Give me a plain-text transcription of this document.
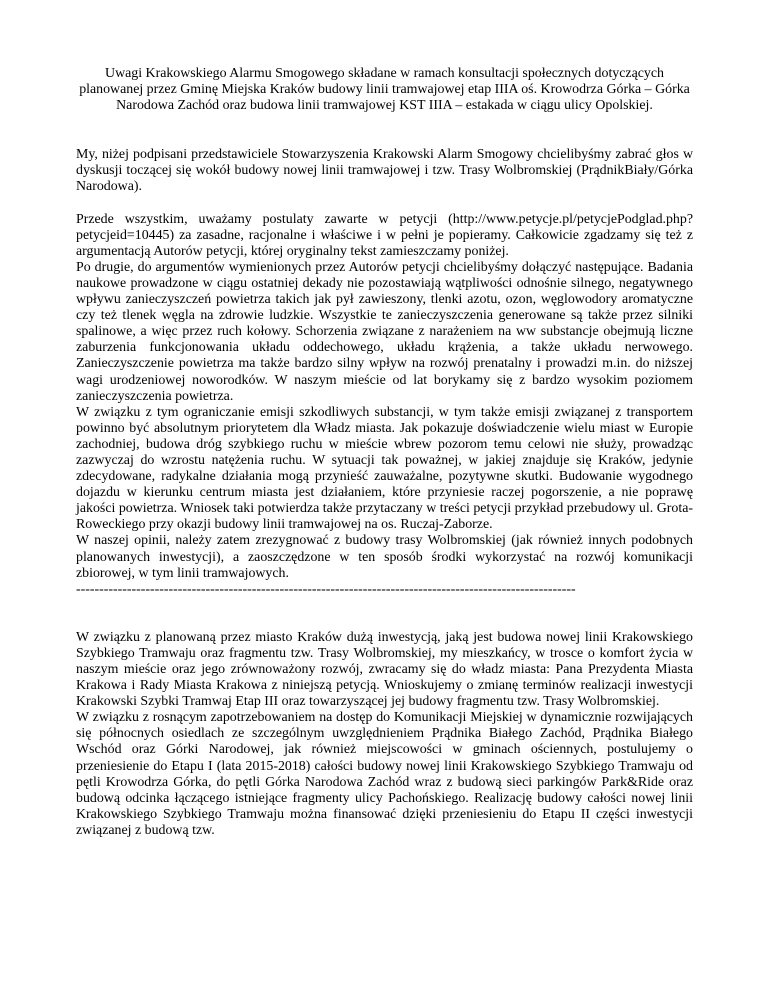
Uwagi Krakowskiego Alarmu Smogowego składane w ramach konsultacji społecznych dotyczących planowanej przez Gminę Miejska Kraków budowy linii tramwajowej etap IIIA oś. Krowodrza Górka – Górka Narodowa Zachód oraz budowa linii tramwajowej KST IIIA – estakada w ciągu ulicy Opolskiej.

My, niżej podpisani przedstawiciele Stowarzyszenia Krakowski Alarm Smogowy chcielibyśmy zabrać głos w dyskusji toczącej się wokół budowy nowej linii tramwajowej i tzw. Trasy Wolbromskiej (PrądnikBiały/Górka Narodowa).

Przede wszystkim, uważamy postulaty zawarte w petycji (http://www.petycje.pl/petycjePodglad.php?petycjeid=10445) za zasadne, racjonalne i właściwe i w pełni je popieramy. Całkowicie zgadzamy się też z argumentacją Autorów petycji, której oryginalny tekst zamieszczamy poniżej.

Po drugie, do argumentów wymienionych przez Autorów petycji chcielibyśmy dołączyć następujące. Badania naukowe prowadzone w ciągu ostatniej dekady nie pozostawiają wątpliwości odnośnie silnego, negatywnego wpływu zanieczyszczeń powietrza takich jak pył zawieszony, tlenki azotu, ozon, węglowodory aromatyczne czy też tlenek węgla na zdrowie ludzkie. Wszystkie te zanieczyszczenia generowane są także przez silniki spalinowe, a więc przez ruch kołowy. Schorzenia związane z narażeniem na ww substancje obejmują liczne zaburzenia funkcjonowania układu oddechowego, układu krążenia, a także układu nerwowego. Zanieczyszczenie powietrza ma także bardzo silny wpływ na rozwój prenatalny i prowadzi m.in. do niższej wagi urodzeniowej noworodków. W naszym mieście od lat borykamy się z bardzo wysokim poziomem zanieczyszczenia powietrza.

W związku z tym ograniczanie emisji szkodliwych substancji, w tym także emisji związanej z transportem powinno być absolutnym priorytetem dla Władz miasta. Jak pokazuje doświadczenie wielu miast w Europie zachodniej, budowa dróg szybkiego ruchu w mieście wbrew pozorom temu celowi nie służy, prowadząc zazwyczaj do wzrostu natężenia ruchu. W sytuacji tak poważnej, w jakiej znajduje się Kraków, jedynie zdecydowane, radykalne działania mogą przynieść zauważalne, pozytywne skutki. Budowanie wygodnego dojazdu w kierunku centrum miasta jest działaniem, które przyniesie raczej pogorszenie, a nie poprawę jakości powietrza. Wniosek taki potwierdza także przytaczany w treści petycji przykład przebudowy ul. Grota-Roweckiego przy okazji budowy linii tramwajowej na os. Ruczaj-Zaborze.

W naszej opinii, należy zatem zrezygnować z budowy trasy Wolbromskiej (jak również innych podobnych planowanych inwestycji), a zaoszczędzone w ten sposób środki wykorzystać na rozwój komunikacji zbiorowej, w tym linii tramwajowych.

------------------------------------------------------------------------------------------------------------

W związku z planowaną przez miasto Kraków dużą inwestycją, jaką jest budowa nowej linii Krakowskiego Szybkiego Tramwaju oraz fragmentu tzw. Trasy Wolbromskiej, my mieszkańcy, w trosce o komfort życia w naszym mieście oraz jego zrównoważony rozwój, zwracamy się do władz miasta: Pana Prezydenta Miasta Krakowa i Rady Miasta Krakowa z niniejszą petycją. Wnioskujemy o zmianę terminów realizacji inwestycji Krakowski Szybki Tramwaj Etap III oraz towarzyszącej jej budowy fragmentu tzw. Trasy Wolbromskiej.

W związku z rosnącym zapotrzebowaniem na dostęp do Komunikacji Miejskiej w dynamicznie rozwijających się północnych osiedlach ze szczególnym uwzględnieniem Prądnika Białego Zachód, Prądnika Białego Wschód oraz Górki Narodowej, jak również miejscowości w gminach ościennych, postulujemy o przeniesienie do Etapu I (lata 2015-2018) całości budowy nowej linii Krakowskiego Szybkiego Tramwaju od pętli Krowodrza Górka, do pętli Górka Narodowa Zachód wraz z budową sieci parkingów Park&Ride oraz budową odcinka łączącego istniejące fragmenty ulicy Pachońskiego. Realizację budowy całości nowej linii Krakowskiego Szybkiego Tramwaju można finansować dzięki przeniesieniu do Etapu II części inwestycji związanej z budową tzw.
